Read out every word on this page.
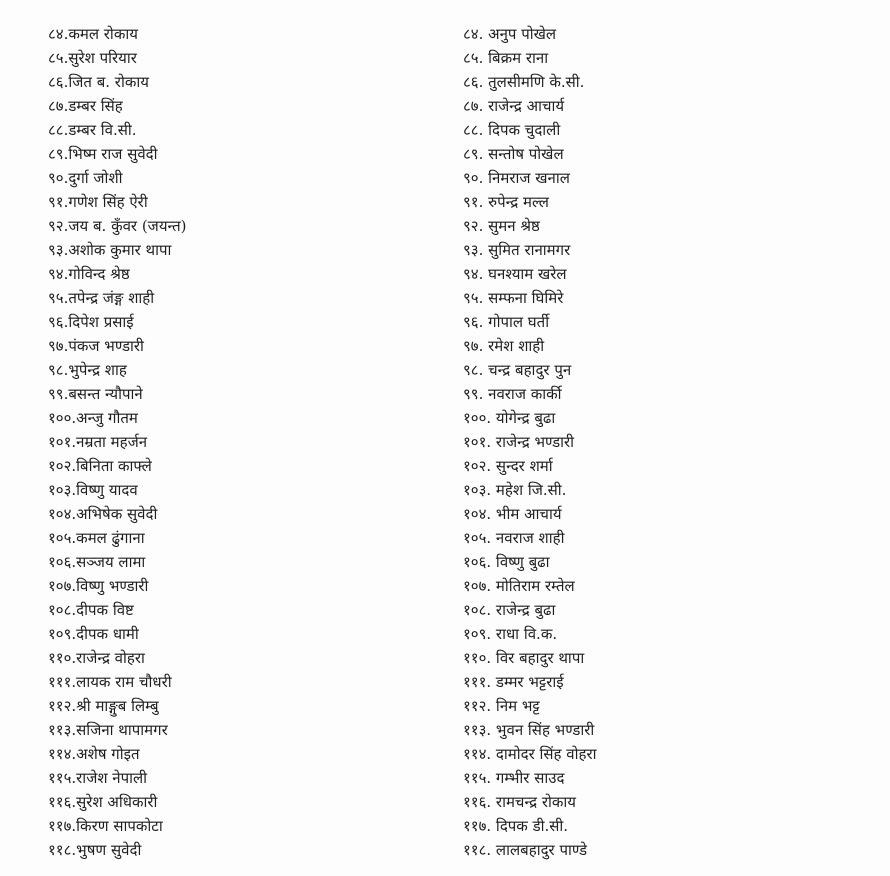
८४.कमल रोकाय
८५.सुरेश परियार
८६.जित ब. रोकाय
८७.डम्बर सिंह
८८.डम्बर वि.सी.
८९.भिष्म राज सुवेदी
९०.दुर्गा जोशी
९१.गणेश सिंह ऐरी
९२.जय ब. कुँवर (जयन्त)
९३.अशोक कुमार थापा
९४.गोविन्द श्रेष्ठ
९५.तपेन्द्र जंङ्ग शाही
९६.दिपेश प्रसाई
९७.पंकज भण्डारी
९८.भुपेन्द्र शाह
९९.बसन्त न्यौपाने
१००.अन्जु गौतम
१०१.नम्रता महर्जन
१०२.बिनिता काफ्ले
१०३.विष्णु यादव
१०४.अभिषेक सुवेदी
१०५.कमल ढुंगाना
१०६.सञ्जय लामा
१०७.विष्णु भण्डारी
१०८.दीपक विष्ट
१०९.दीपक धामी
११०.राजेन्द्र वोहरा
१११.लायक राम चौधरी
११२.श्री माङ्गुब लिम्बु
११३.सजिना थापामगर
११४.अशेष गोइत
११५.राजेश नेपाली
११६.सुरेश अधिकारी
११७.किरण सापकोटा
११८.भुषण सुवेदी
८४. अनुप पोखेल
८५. बिक्रम राना
८६. तुलसीमणि के.सी.
८७. राजेन्द्र आचार्य
८८. दिपक चुदाली
८९. सन्तोष पोखेल
९०. निमराज खनाल
९१. रुपेन्द्र मल्ल
९२. सुमन श्रेष्ठ
९३. सुमित रानामगर
९४. घनश्याम खरेल
९५. सम्फना घिमिरे
९६. गोपाल घर्ती
९७. रमेश शाही
९८. चन्द्र बहादुर पुन
९९. नवराज कार्की
१००. योगेन्द्र बुढा
१०१. राजेन्द्र भण्डारी
१०२. सुन्दर शर्मा
१०३. महेश जि.सी.
१०४. भीम आचार्य
१०५. नवराज शाही
१०६. विष्णु बुढा
१०७. मोतिराम रम्तेल
१०८. राजेन्द्र बुढा
१०९. राधा वि.क.
११०. विर बहादुर थापा
१११. डम्मर भट्टराई
११२. निम भट्ट
११३. भुवन सिंह भण्डारी
११४. दामोदर सिंह वोहरा
११५. गम्भीर साउद
११६. रामचन्द्र रोकाय
११७. दिपक डी.सी.
११८. लालबहादुर पाण्डे
